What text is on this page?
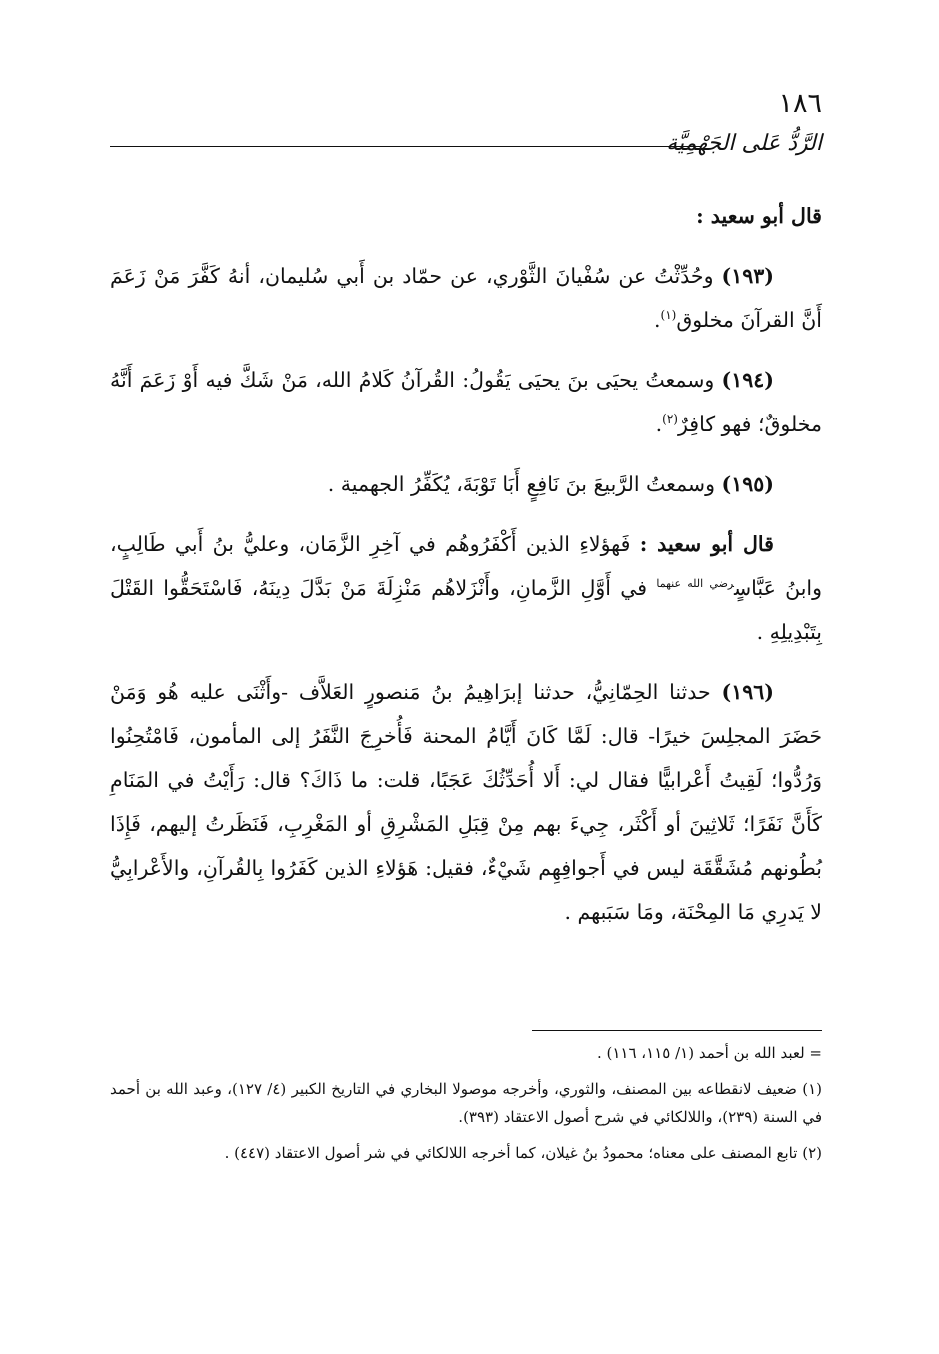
١٨٦
الرَّدُّ عَلى الجَهْمِيَّة

قال أبو سعيد :

(١٩٣) وحُدِّثْتُ عن سُفْيانَ الثَّوْري، عن حمّاد بن أَبي سُليمان، أنهُ كَفَّرَ مَنْ زَعَمَ أَنَّ القرآنَ مخلوق$^{(١)}$.

(١٩٤) وسمعتُ يحيَى بنَ يحيَى يَقُولُ: القُرآنُ كَلامُ الله، مَنْ شَكَّ فيه أَوْ زَعَمَ أَنَّهُ مخلوقٌ؛ فهو كافِرٌ$^{(٢)}$.

(١٩٥) وسمعتُ الرَّبيعَ بنَ نَافِعٍ أَبَا تَوْبَةَ، يُكَفِّرُ الجهمية .

قال أبو سعيد : فَهؤلاءِ الذين أَكْفَرُوهُم في آخِرِ الزَّمَان، وعليُّ بنُ أَبي طَالِبٍ، وابنُ عَبَّاسٍ$^{رضي الله عنهما}$ في أَوَّلِ الزَّمانِ، وأَنْزَلاهُم مَنْزِلَةَ مَنْ بَدَّلَ دِينَهُ، فَاسْتَحَقُّوا القَتْلَ بِتَبْدِيلِهِ .

(١٩٦) حدثنا الحِمّانِيُّ، حدثنا إبرَاهِيمُ بنُ مَنصورٍ العَلاَّف -وأَثْنَى عليه هُو وَمَنْ حَضَرَ المجلِسَ خيرًا- قال: لَمَّا كَانَ أَيَّامُ المحنة فَأُخرِجَ النَّفَرُ إلى المأمون، فَامْتُحِنُوا وَرُدُّوا؛ لَقِيتُ أَعْرابيًّا فقال لي: أَلا أُحَدِّثُكَ عَجَبًا، قلت: ما ذَاكَ؟ قال: رَأَيْتُ في المَنَامِ كَأَنَّ نَفَرًا؛ ثَلاثِينَ أو أَكْثَر، جِيءَ بهم مِنْ قِبَلِ المَشْرِقِ أو المَغْرِبِ، فَنَظَرتُ إليهم، فَإِذَا بُطُونهم مُشَقَّقَة ليس في أَجوافِهِم شَيْءٌ، فقيل: هَؤلاءِ الذين كَفَرُوا بِالقُرآنِ، والأَعْرابِيُّ لا يَدرِي مَا المِحْنَة، ومَا سَبَبهم .

= لعبد الله بن أحمد (١/ ١١٥، ١١٦) .

(١) ضعيف لانقطاعه بين المصنف، والثوري، وأخرجه موصولا البخاري في التاريخ الكبير (٤/ ١٢٧)، وعبد الله بن أحمد في السنة (٢٣٩)، واللالكائي في شرح أصول الاعتقاد (٣٩٣).

(٢) تابع المصنف على معناه؛ محمودُ بنُ غيلان، كما أخرجه اللالكائي في شر أصول الاعتقاد (٤٤٧) .
